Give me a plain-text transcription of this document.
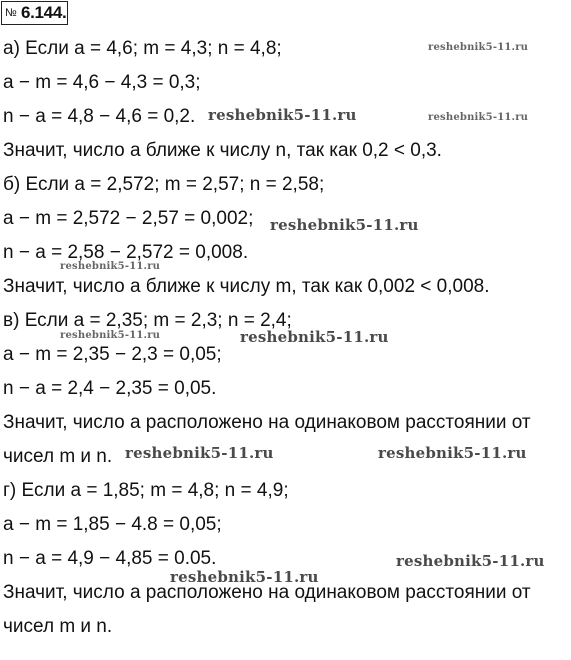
№ 6.144.
а) Если a = 4,6; m = 4,3; n = 4,8;
a − m = 4,6 − 4,3 = 0,3;
n − a = 4,8 − 4,6 = 0,2.
Значит, число a ближе к числу n, так как 0,2 < 0,3.
б) Если a = 2,572; m = 2,57; n = 2,58;
a − m = 2,572 − 2,57 = 0,002;
n − a = 2,58 − 2,572 = 0,008.
Значит, число a ближе к числу m, так как 0,002 < 0,008.
в) Если a = 2,35; m = 2,3; n = 2,4;
a − m = 2,35 − 2,3 = 0,05;
n − a = 2,4 − 2,35 = 0,05.
Значит, число a расположено на одинаковом расстоянии от
чисел m и n.
г) Если a = 1,85; m = 4,8; n = 4,9;
a − m = 1,85 − 4.8 = 0,05;
n − a = 4,9 − 4,85 = 0.05.
Значит, число a расположено на одинаковом расстоянии от
чисел m и n.
reshebnik5-11.ru
reshebnik5-11.ru	reshebnik5-11.ru
reshebnik5-11.ru
reshebnik5-11.ru
reshebnik5-11.ru	reshebnik5-11.ru
reshebnik5-11.ru	reshebnik5-11.ru
reshebnik5-11.ru
reshebnik5-11.ru
